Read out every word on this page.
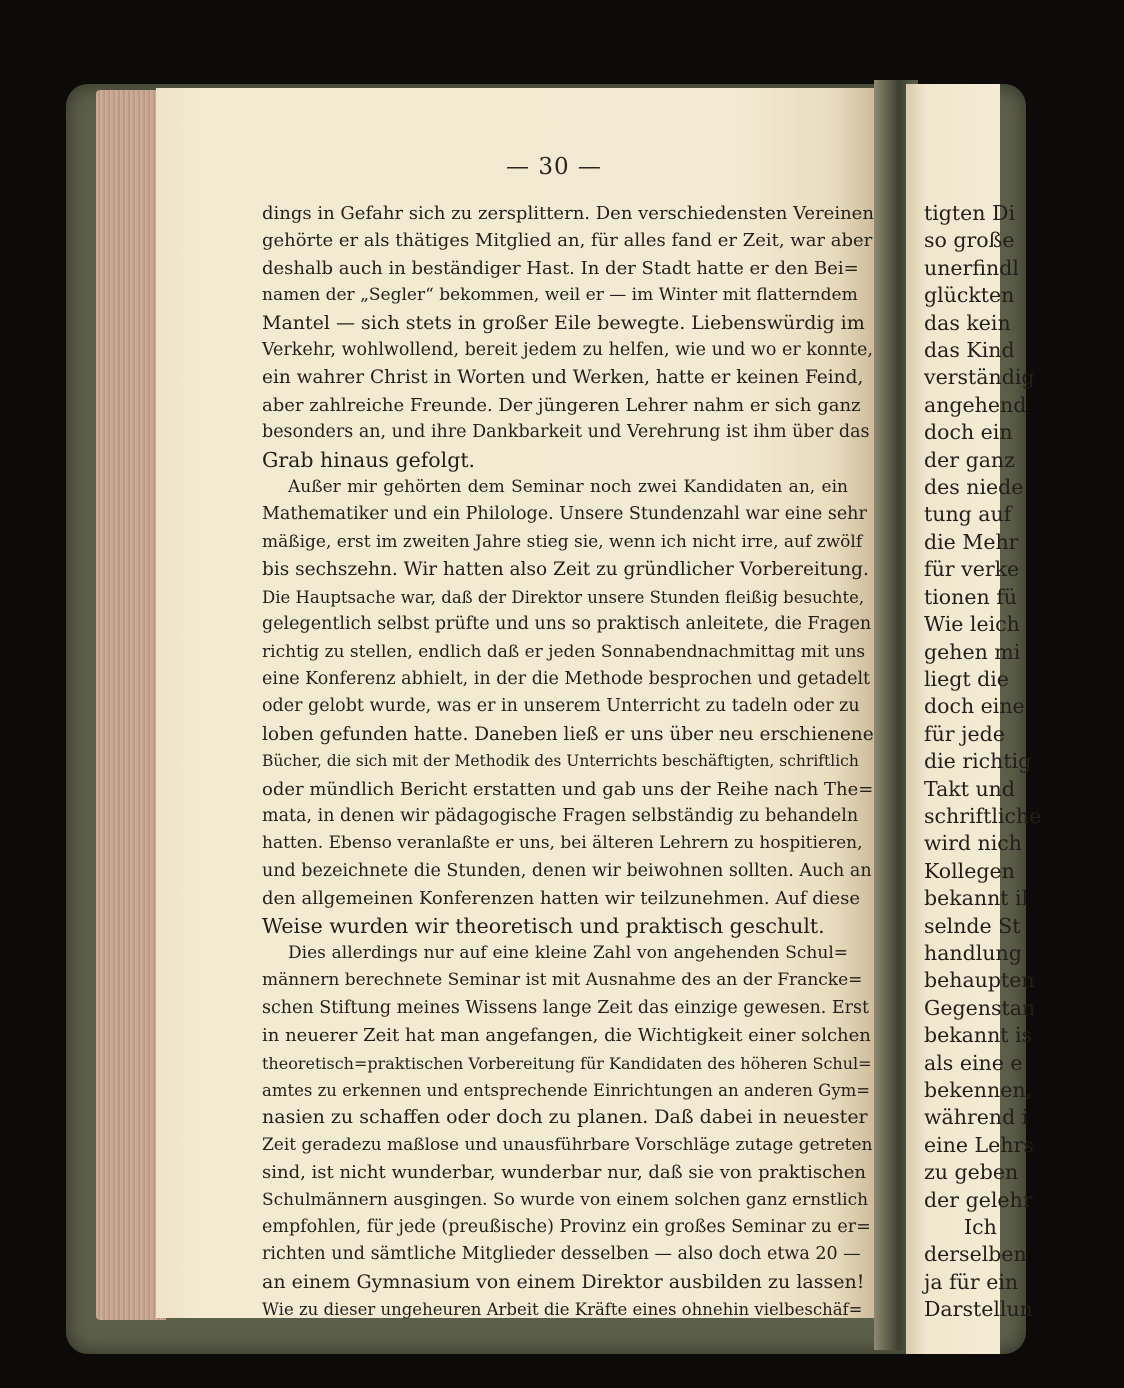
tigten Di
so große
unerfindl
glückten
das kein
das Kind
verständig
angehend
doch ein
der ganz
des niede
tung auf
die Mehr
für verke
tionen fü
Wie leich
gehen mi
liegt die
doch eine
für jede
die richtig
Takt und
schriftliche
wird nich
Kollegen
bekannt il
selnde St
handlung
behaupten
Gegenstan
bekannt is
als eine e
bekennen,
während i
eine Lehrs
zu geben
der gelehr
Ich
derselben
ja für ein
Darstellun
— 30 —
dings in Gefahr sich zu zersplittern. Den verschiedensten Vereinen
gehörte er als thätiges Mitglied an, für alles fand er Zeit, war aber
deshalb auch in beständiger Hast. In der Stadt hatte er den Bei=
namen der „Segler“ bekommen, weil er — im Winter mit flatterndem
Mantel — sich stets in großer Eile bewegte. Liebenswürdig im
Verkehr, wohlwollend, bereit jedem zu helfen, wie und wo er konnte,
ein wahrer Christ in Worten und Werken, hatte er keinen Feind,
aber zahlreiche Freunde. Der jüngeren Lehrer nahm er sich ganz
besonders an, und ihre Dankbarkeit und Verehrung ist ihm über das
Grab hinaus gefolgt.
Außer mir gehörten dem Seminar noch zwei Kandidaten an, ein
Mathematiker und ein Philologe. Unsere Stundenzahl war eine sehr
mäßige, erst im zweiten Jahre stieg sie, wenn ich nicht irre, auf zwölf
bis sechszehn. Wir hatten also Zeit zu gründlicher Vorbereitung.
Die Hauptsache war, daß der Direktor unsere Stunden fleißig besuchte,
gelegentlich selbst prüfte und uns so praktisch anleitete, die Fragen
richtig zu stellen, endlich daß er jeden Sonnabendnachmittag mit uns
eine Konferenz abhielt, in der die Methode besprochen und getadelt
oder gelobt wurde, was er in unserem Unterricht zu tadeln oder zu
loben gefunden hatte. Daneben ließ er uns über neu erschienene
Bücher, die sich mit der Methodik des Unterrichts beschäftigten, schriftlich
oder mündlich Bericht erstatten und gab uns der Reihe nach The=
mata, in denen wir pädagogische Fragen selbständig zu behandeln
hatten. Ebenso veranlaßte er uns, bei älteren Lehrern zu hospitieren,
und bezeichnete die Stunden, denen wir beiwohnen sollten. Auch an
den allgemeinen Konferenzen hatten wir teilzunehmen. Auf diese
Weise wurden wir theoretisch und praktisch geschult.
Dies allerdings nur auf eine kleine Zahl von angehenden Schul=
männern berechnete Seminar ist mit Ausnahme des an der Francke=
schen Stiftung meines Wissens lange Zeit das einzige gewesen. Erst
in neuerer Zeit hat man angefangen, die Wichtigkeit einer solchen
theoretisch=praktischen Vorbereitung für Kandidaten des höheren Schul=
amtes zu erkennen und entsprechende Einrichtungen an anderen Gym=
nasien zu schaffen oder doch zu planen. Daß dabei in neuester
Zeit geradezu maßlose und unausführbare Vorschläge zutage getreten
sind, ist nicht wunderbar, wunderbar nur, daß sie von praktischen
Schulmännern ausgingen. So wurde von einem solchen ganz ernstlich
empfohlen, für jede (preußische) Provinz ein großes Seminar zu er=
richten und sämtliche Mitglieder desselben — also doch etwa 20 —
an einem Gymnasium von einem Direktor ausbilden zu lassen!
Wie zu dieser ungeheuren Arbeit die Kräfte eines ohnehin vielbeschäf=
